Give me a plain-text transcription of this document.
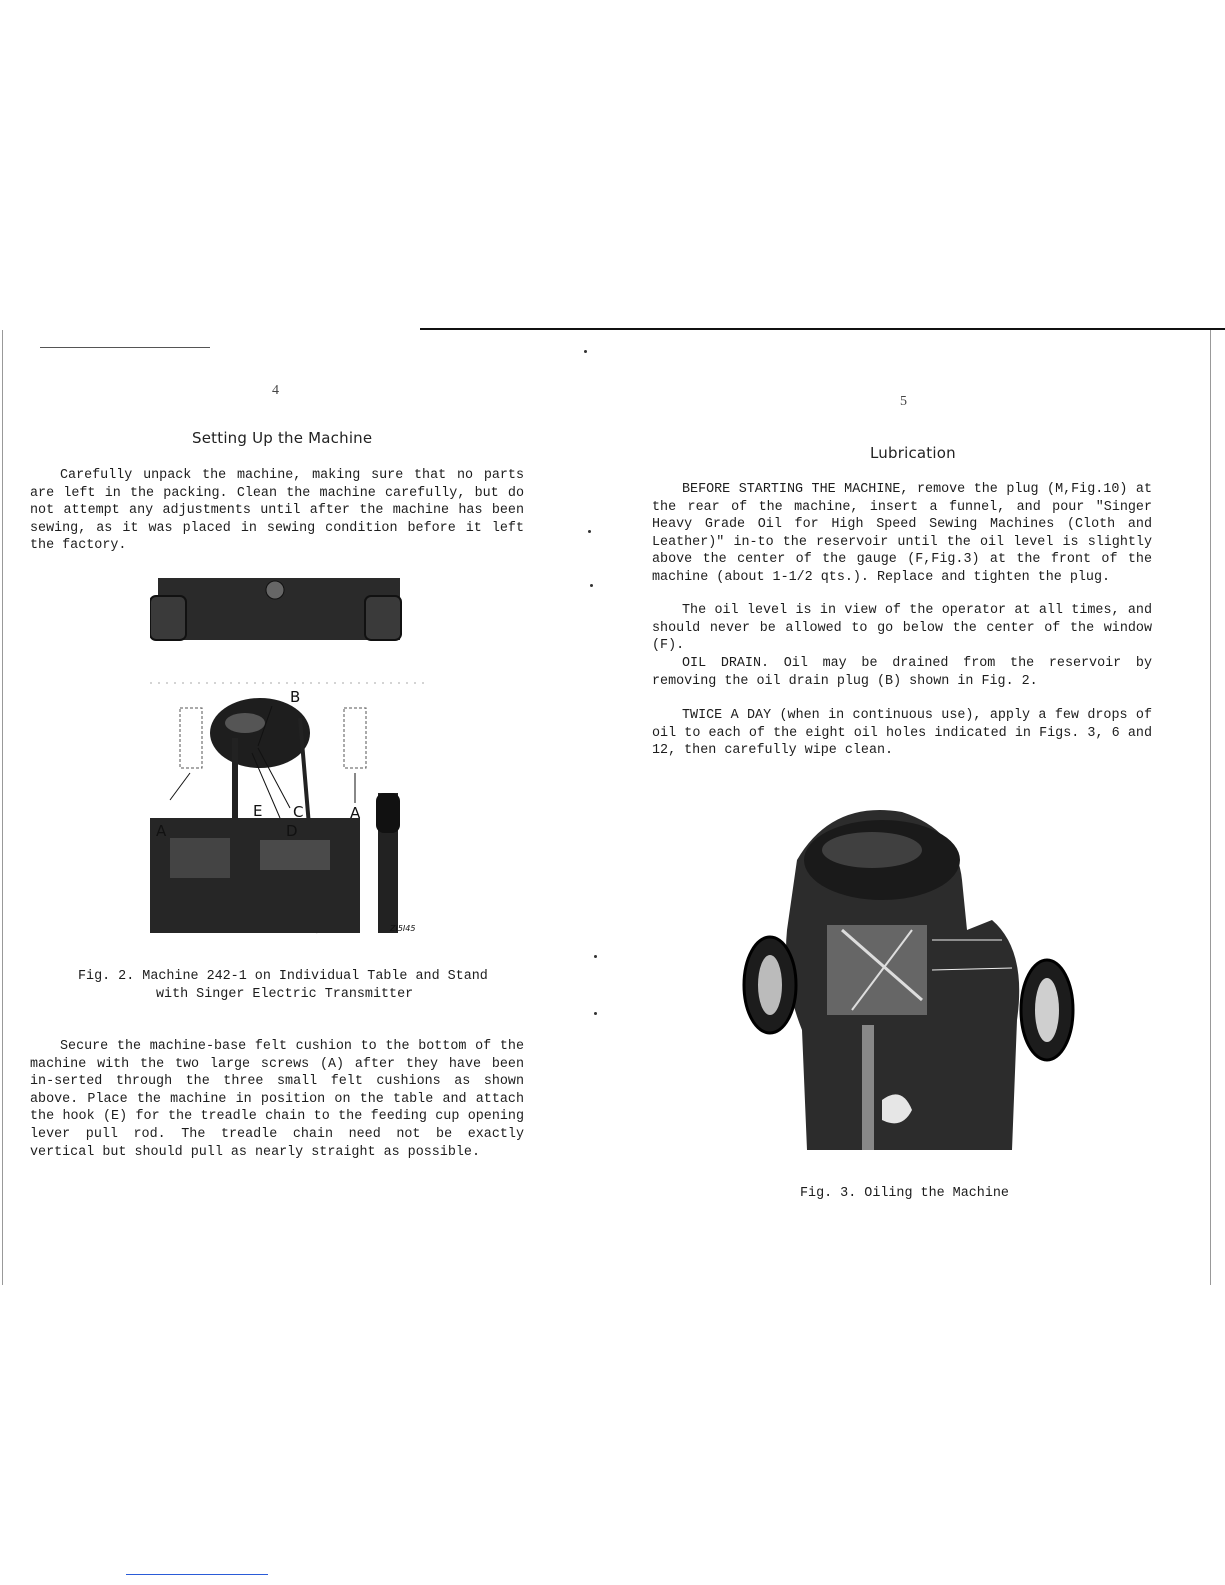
4
Setting Up the Machine
Carefully unpack the machine, making sure that no parts are left in the packing. Clean the machine carefully, but do not attempt any adjustments until after the machine has been sewing, as it was placed in sewing condition before it left the factory.
A
B
C
D
E	A
ZI5I45
Fig. 2. Machine 242-1 on Individual Table and Stand
with Singer Electric Transmitter
Secure the machine-base felt cushion to the bottom of the machine with the two large screws (A) after they have been in-serted through the three small felt cushions as shown above. Place the machine in position on the table and attach the hook (E) for the treadle chain to the feeding cup opening lever pull rod. The treadle chain need not be exactly vertical but should pull as nearly straight as possible.
5
Lubrication
BEFORE STARTING THE MACHINE, remove the plug (M,Fig.10) at the rear of the machine, insert a funnel, and pour "Singer Heavy Grade Oil for High Speed Sewing Machines (Cloth and Leather)" in-to the reservoir until the oil level is slightly above the center of the gauge (F,Fig.3) at the front of the machine (about 1-1/2 qts.). Replace and tighten the plug.
The oil level is in view of the operator at all times, and should never be allowed to go below the center of the window (F).
OIL DRAIN. Oil may be drained from the reservoir by removing the oil drain plug (B) shown in Fig. 2.
TWICE A DAY (when in continuous use), apply a few drops of oil to each of the eight oil holes indicated in Figs. 3, 6 and 12, then carefully wipe clean.
Fig. 3. Oiling the Machine
